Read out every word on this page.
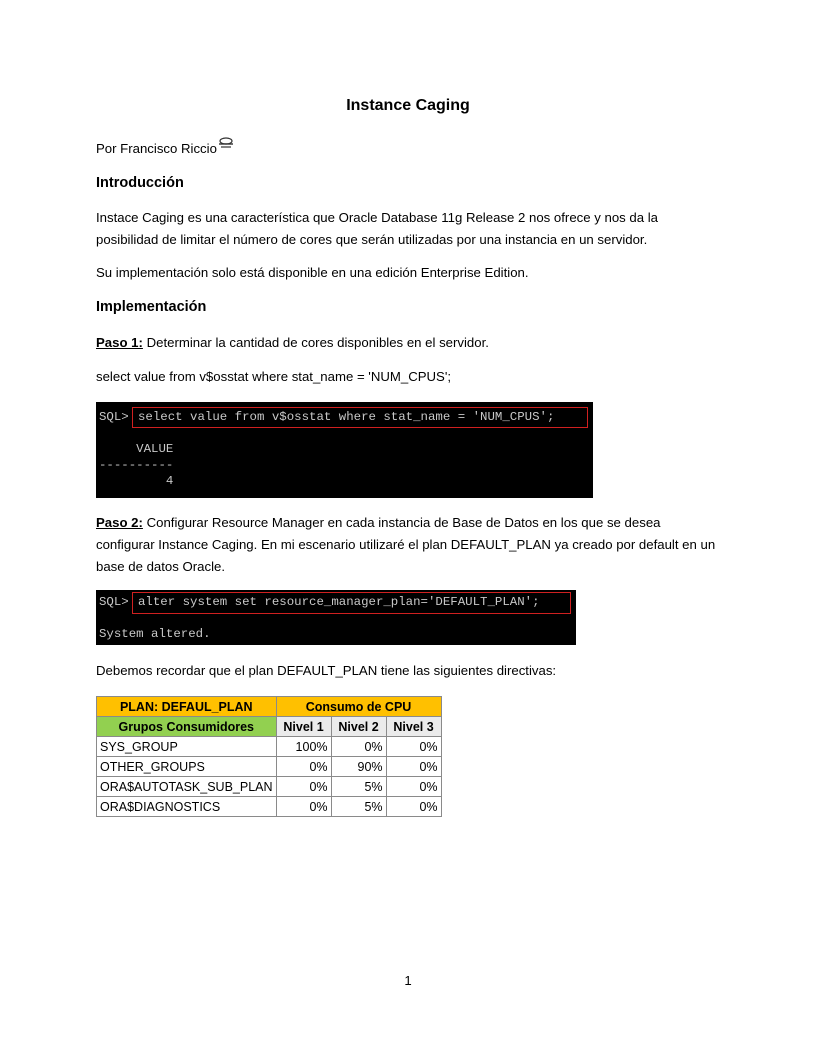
Instance Caging
Por Francisco Riccio
Introducción
Instace Caging es una característica que Oracle Database 11g Release 2 nos ofrece y nos da la posibilidad de limitar el número de cores que serán utilizadas por una instancia en un servidor.
Su implementación solo está disponible en una edición Enterprise Edition.
Implementación
Paso 1: Determinar la cantidad de cores disponibles en el servidor.
select value from v$osstat where stat_name = 'NUM_CPUS';
SQL> select value from v$osstat where stat_name = 'NUM_CPUS';
VALUE
----------
4
Paso 2: Configurar Resource Manager en cada instancia de Base de Datos en los que se desea configurar Instance Caging. En mi escenario utilizaré el plan DEFAULT_PLAN ya creado por default en un base de datos Oracle.
SQL> alter system set resource_manager_plan='DEFAULT_PLAN';
System altered.
Debemos recordar que el plan DEFAULT_PLAN tiene las siguientes directivas:
PLAN: DEFAUL_PLAN	Consumo de CPU		
Grupos Consumidores	Nivel 1	Nivel 2	Nivel 3
SYS_GROUP	100%	0%	0%
OTHER_GROUPS	0%	90%	0%
ORA$AUTOTASK_SUB_PLAN	0%	5%	0%
ORA$DIAGNOSTICS	0%	5%	0%
1
